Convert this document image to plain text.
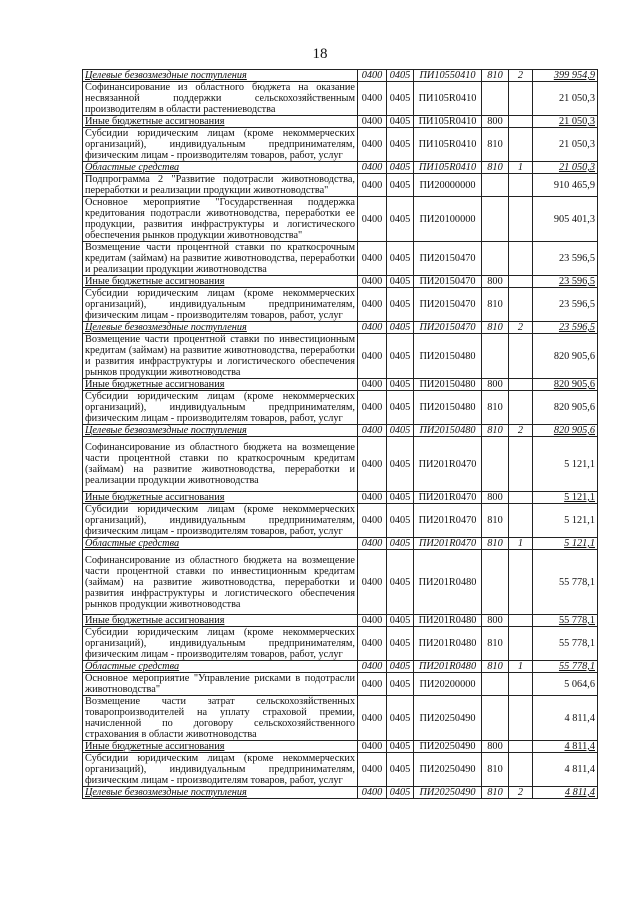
18
Целевые безвозмездные поступления	0400	0405	ПИ10550410	810	2	399 954,9
Софинансирование из областного бюджета на оказание несвязанной поддержки сельскохозяйственным производителям в области растениеводства	0400	0405	ПИ105R0410			21 050,3
Иные бюджетные ассигнования	0400	0405	ПИ105R0410	800		21 050,3
Субсидии юридическим лицам (кроме некоммерческих организаций), индивидуальным предпринимателям, физическим лицам - производителям товаров, работ, услуг	0400	0405	ПИ105R0410	810		21 050,3
Областные средства	0400	0405	ПИ105R0410	810	1	21 050,3
Подпрограмма 2 "Развитие подотрасли животноводства, переработки и реализации продукции животноводства"	0400	0405	ПИ20000000			910 465,9
Основное мероприятие "Государственная поддержка кредитования подотрасли животноводства, переработки ее продукции, развития инфраструктуры и логистического обеспечения рынков продукции животноводства"	0400	0405	ПИ20100000			905 401,3
Возмещение части процентной ставки по краткосрочным кредитам (займам) на развитие животноводства, переработки и реализации продукции животноводства	0400	0405	ПИ20150470			23 596,5
Иные бюджетные ассигнования	0400	0405	ПИ20150470	800		23 596,5
Субсидии юридическим лицам (кроме некоммерческих организаций), индивидуальным предпринимателям, физическим лицам - производителям товаров, работ, услуг	0400	0405	ПИ20150470	810		23 596,5
Целевые безвозмездные поступления	0400	0405	ПИ20150470	810	2	23 596,5
Возмещение части процентной ставки по инвестиционным кредитам (займам) на развитие животноводства, переработки и развития инфраструктуры и логистического обеспечения рынков продукции животноводства	0400	0405	ПИ20150480			820 905,6
Иные бюджетные ассигнования	0400	0405	ПИ20150480	800		820 905,6
Субсидии юридическим лицам (кроме некоммерческих организаций), индивидуальным предпринимателям, физическим лицам - производителям товаров, работ, услуг	0400	0405	ПИ20150480	810		820 905,6
Целевые безвозмездные поступления	0400	0405	ПИ20150480	810	2	820 905,6
Софинансирование из областного бюджета на возмещение части процентной ставки по краткосрочным кредитам (займам) на развитие животноводства, переработки и реализации продукции животноводства	0400	0405	ПИ201R0470			5 121,1
Иные бюджетные ассигнования	0400	0405	ПИ201R0470	800		5 121,1
Субсидии юридическим лицам (кроме некоммерческих организаций), индивидуальным предпринимателям, физическим лицам - производителям товаров, работ, услуг	0400	0405	ПИ201R0470	810		5 121,1
Областные средства	0400	0405	ПИ201R0470	810	1	5 121,1
Софинансирование из областного бюджета на возмещение части процентной ставки по инвестиционным кредитам (займам) на развитие животноводства, переработки и развития инфраструктуры и логистического обеспечения рынков продукции животноводства	0400	0405	ПИ201R0480			55 778,1
Иные бюджетные ассигнования	0400	0405	ПИ201R0480	800		55 778,1
Субсидии юридическим лицам (кроме некоммерческих организаций), индивидуальным предпринимателям, физическим лицам - производителям товаров, работ, услуг	0400	0405	ПИ201R0480	810		55 778,1
Областные средства	0400	0405	ПИ201R0480	810	1	55 778,1
Основное мероприятие "Управление рисками в подотрасли животноводства"	0400	0405	ПИ20200000			5 064,6
Возмещение части затрат сельскохозяйственных товаропроизводителей на уплату страховой премии, начисленной по договору сельскохозяйственного страхования в области животноводства	0400	0405	ПИ20250490			4 811,4
Иные бюджетные ассигнования	0400	0405	ПИ20250490	800		4 811,4
Субсидии юридическим лицам (кроме некоммерческих организаций), индивидуальным предпринимателям, физическим лицам - производителям товаров, работ, услуг	0400	0405	ПИ20250490	810		4 811,4
Целевые безвозмездные поступления	0400	0405	ПИ20250490	810	2	4 811,4
